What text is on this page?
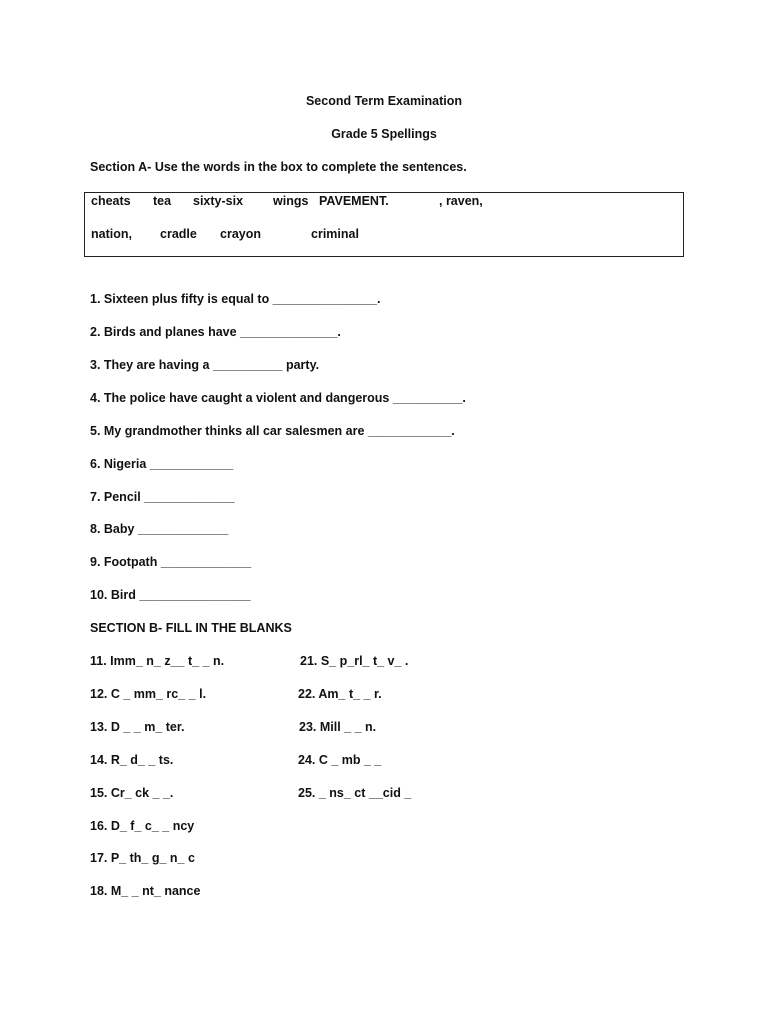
Second Term Examination
Grade 5 Spellings
Section A- Use the words in the box to complete the sentences.
cheats tea sixty-six wings PAVEMENT.	, raven,
nation, cradle crayon	criminal
1. Sixteen plus fifty is equal to _______________.
2. Birds and planes have ______________.
3. They are having a __________ party.
4. The police have caught a violent and dangerous __________.
5. My grandmother thinks all car salesmen are ____________.
6. Nigeria ____________
7. Pencil _____________
8. Baby _____________
9. Footpath _____________
10. Bird ________________
SECTION B- FILL IN THE BLANKS
11. Imm_ n_ z__ t_ _ n.
12. C _ mm_ rc_ _ l.
13. D _ _ m_ ter.
14. R_ d_ _ ts.
15. Cr_ ck _ _.
16. D_ f_ c_ _ ncy
17. P_ th_ g_ n_ c
18. M_ _ nt_ nance
21. S_ p_rl_ t_ v_ .
22. Am_ t_ _ r.
23. Mill _ _ n.
24. C _ mb _ _
25. _ ns_ ct __cid _
